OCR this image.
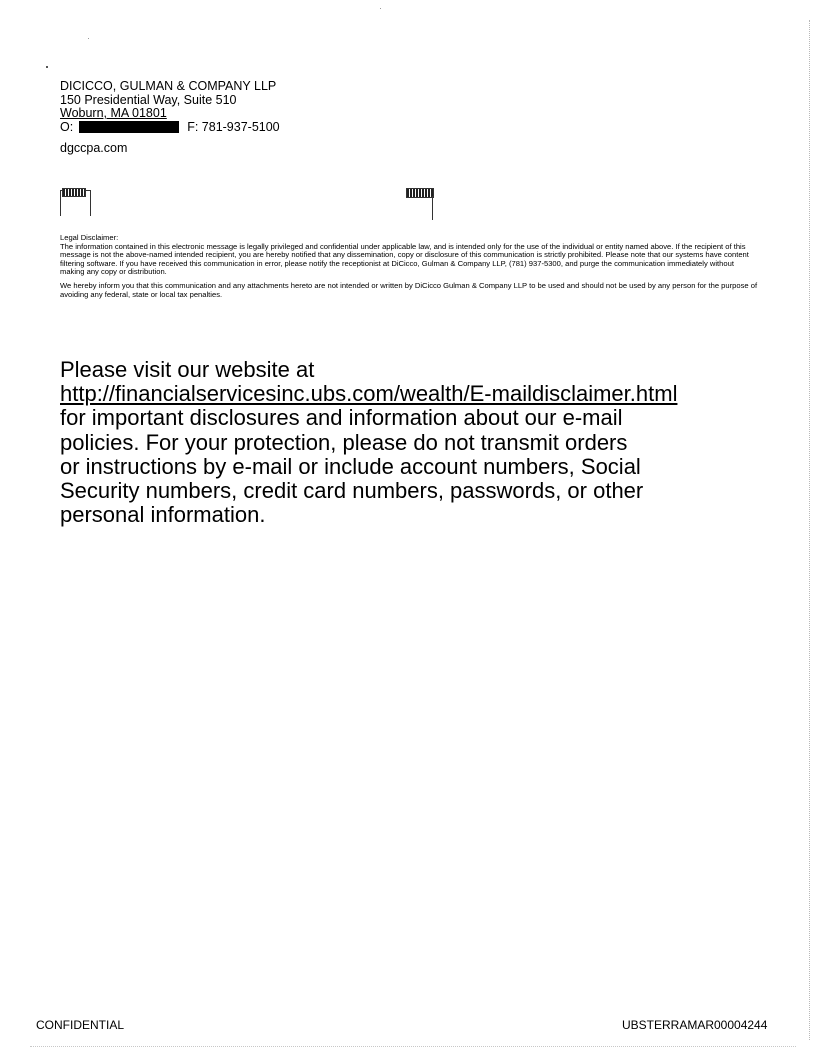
DICICCO, GULMAN & COMPANY LLP
150 Presidential Way, Suite 510
Woburn, MA 01801
O:	F: 781-937-5100
dgccpa.com

Legal Disclaimer:

The information contained in this electronic message is legally privileged and confidential under applicable law, and is intended only for the use of the individual or entity named above. If the recipient of this message is not the above-named intended recipient, you are hereby notified that any dissemination, copy or disclosure of this communication is strictly prohibited. Please note that our systems have content filtering software. If you have received this communication in error, please notify the receptionist at DiCicco, Gulman & Company LLP, (781) 937-5300, and purge the communication immediately without making any copy or distribution.

We hereby inform you that this communication and any attachments hereto are not intended or written by DiCicco Gulman & Company LLP to be used and should not be used by any person for the purpose of avoiding any federal, state or local tax penalties.

Please visit our website at
http://financialservicesinc.ubs.com/wealth/E-maildisclaimer.html
for important disclosures and information about our e-mail
policies. For your protection, please do not transmit orders
or instructions by e-mail or include account numbers, Social
Security numbers, credit card numbers, passwords, or other
personal information.
CONFIDENTIAL	UBSTERRAMAR00004244
